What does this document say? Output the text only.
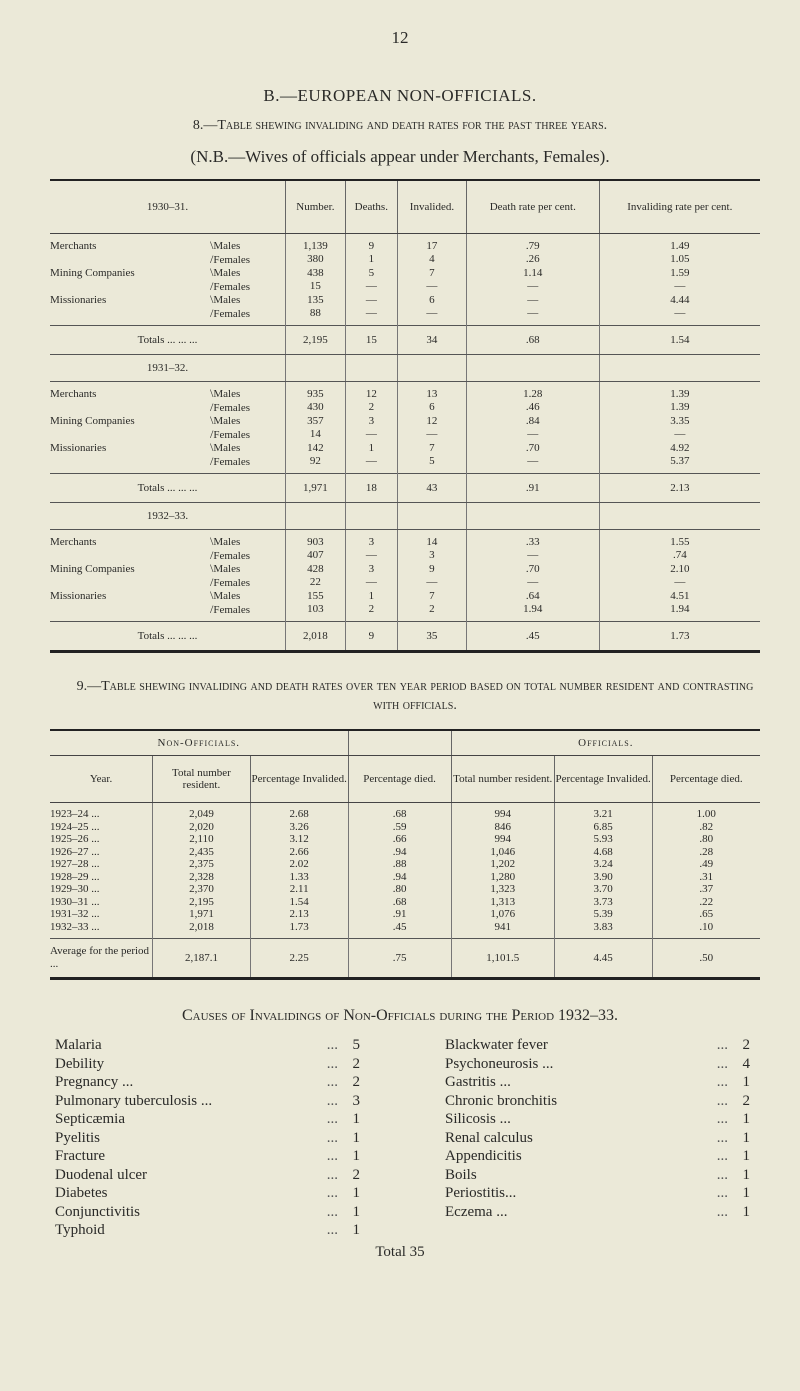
12
B.—EUROPEAN NON-OFFICIALS.
8.—Table shewing invaliding and death rates for the past three years.
(N.B.—Wives of officials appear under Merchants, Females).
1930–31.		Number.	Deaths.	Invalided.	Death rate per cent.	Invaliding rate per cent.

Merchants	\Males	1,139	9	17	.79	1.49
	/Females	380	1	4	.26	1.05
Mining Companies	\Males	438	5	7	1.14	1.59
	/Females	15	—	—	—	—
Missionaries	\Males	135	—	6	—	4.44
	/Females	88	—	—	—	—

Totals ... ... ...		2,195	15	34	.68	1.54
1931–32.						

Merchants	\Males	935	12	13	1.28	1.39
	/Females	430	2	6	.46	1.39
Mining Companies	\Males	357	3	12	.84	3.35
	/Females	14	—	—	—	—
Missionaries	\Males	142	1	7	.70	4.92
	/Females	92	—	5	—	5.37

Totals ... ... ...		1,971	18	43	.91	2.13
1932–33.						

Merchants	\Males	903	3	14	.33	1.55
	/Females	407	—	3	—	.74
Mining Companies	\Males	428	3	9	.70	2.10
	/Females	22	—	—	—	—
Missionaries	\Males	155	1	7	.64	4.51
	/Females	103	2	2	1.94	1.94

Totals ... ... ...		2,018	9	35	.45	1.73
9.—Table shewing invaliding and death rates over ten year period based on total number resident and contrasting with officials.
Non-Officials.				Officials.		
Year.	Total number resident.	Percentage Invalided.	Percentage died.	Total number resident.	Percentage Invalided.	Percentage died.

1923–24 ...	2,049	2.68	.68	994	3.21	1.00
1924–25 ...	2,020	3.26	.59	846	6.85	.82
1925–26 ...	2,110	3.12	.66	994	5.93	.80
1926–27 ...	2,435	2.66	.94	1,046	4.68	.28
1927–28 ...	2,375	2.02	.88	1,202	3.24	.49
1928–29 ...	2,328	1.33	.94	1,280	3.90	.31
1929–30 ...	2,370	2.11	.80	1,323	3.70	.37
1930–31 ...	2,195	1.54	.68	1,313	3.73	.22
1931–32 ...	1,971	2.13	.91	1,076	5.39	.65
1932–33 ...	2,018	1.73	.45	941	3.83	.10

Average for the period ...	2,187.1	2.25	.75	1,101.5	4.45	.50
Causes of Invalidings of Non-Officials during the Period 1932–33.
Malaria	... 5
Debility	... 2
Pregnancy ...	... 2
Pulmonary tuberculosis ...	... 3
Septicæmia	... 1
Pyelitis	... 1
Fracture	... 1
Duodenal ulcer	... 2
Diabetes	... 1
Conjunctivitis	... 1
Typhoid	... 1
Blackwater fever	... 2
Psychoneurosis ...	... 4
Gastritis ...	... 1
Chronic bronchitis	... 2
Silicosis ...	... 1
Renal calculus	... 1
Appendicitis	... 1
Boils	... 1
Periostitis...	... 1
Eczema ...	... 1
Total 35
